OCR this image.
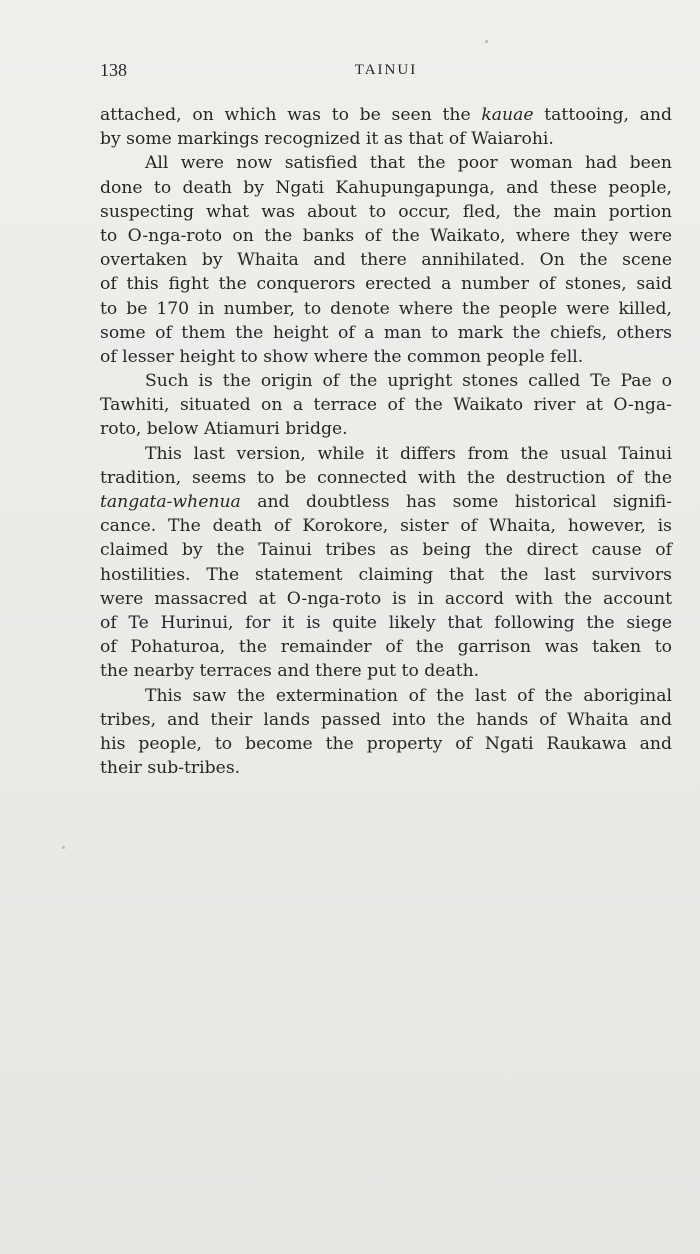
138	TAINUI
attached, on which was to be seen the kauae tattooing, and
by some markings recognized it as that of Waiarohi.
All were now satisfied that the poor woman had been
done to death by Ngati Kahupungapunga, and these people,
suspecting what was about to occur, fled, the main portion
to O-nga-roto on the banks of the Waikato, where they were
overtaken by Whaita and there annihilated. On the scene
of this fight the conquerors erected a number of stones, said
to be 170 in number, to denote where the people were killed,
some of them the height of a man to mark the chiefs, others
of lesser height to show where the common people fell.
Such is the origin of the upright stones called Te Pae o
Tawhiti, situated on a terrace of the Waikato river at O-nga-
roto, below Atiamuri bridge.
This last version, while it differs from the usual Tainui
tradition, seems to be connected with the destruction of the
tangata-whenua and doubtless has some historical signifi-
cance. The death of Korokore, sister of Whaita, however, is
claimed by the Tainui tribes as being the direct cause of
hostilities. The statement claiming that the last survivors
were massacred at O-nga-roto is in accord with the account
of Te Hurinui, for it is quite likely that following the siege
of Pohaturoa, the remainder of the garrison was taken to
the nearby terraces and there put to death.
This saw the extermination of the last of the aboriginal
tribes, and their lands passed into the hands of Whaita and
his people, to become the property of Ngati Raukawa and
their sub-tribes.
